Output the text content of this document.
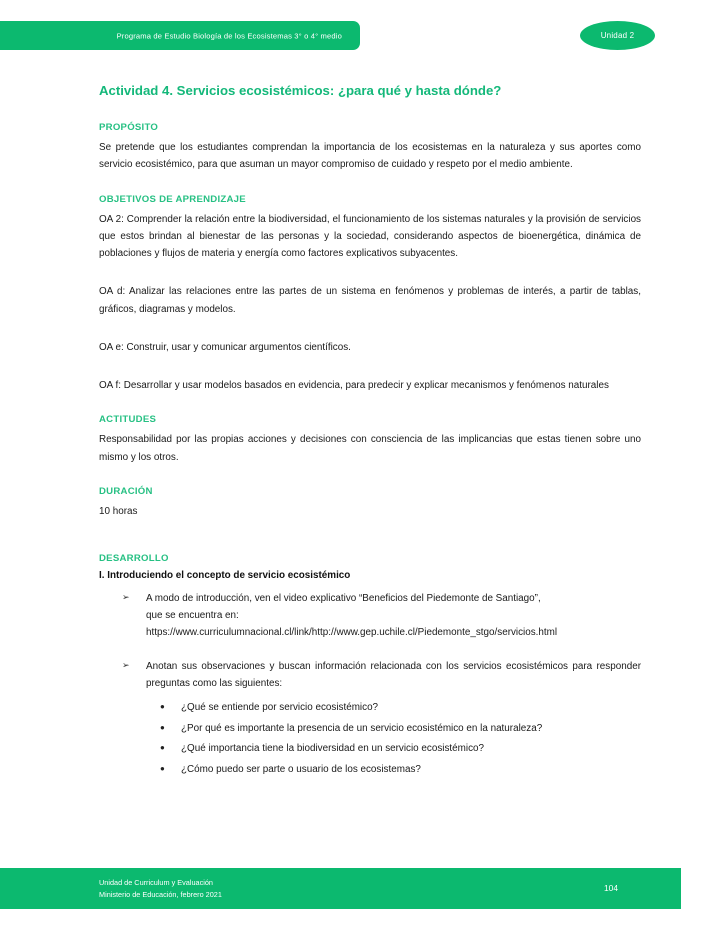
Programa de Estudio Biología de los Ecosistemas 3° o 4° medio	Unidad 2
Actividad 4. Servicios ecosistémicos: ¿para qué y hasta dónde?
PROPÓSITO

Se pretende que los estudiantes comprendan la importancia de los ecosistemas en la naturaleza y sus aportes como servicio ecosistémico, para que asuman un mayor compromiso de cuidado y respeto por el medio ambiente.

OBJETIVOS DE APRENDIZAJE

OA 2: Comprender la relación entre la biodiversidad, el funcionamiento de los sistemas naturales y la provisión de servicios que estos brindan al bienestar de las personas y la sociedad, considerando aspectos de bioenergética, dinámica de poblaciones y flujos de materia y energía como factores explicativos subyacentes.

OA d: Analizar las relaciones entre las partes de un sistema en fenómenos y problemas de interés, a partir de tablas, gráficos, diagramas y modelos.

OA e: Construir, usar y comunicar argumentos científicos.

OA f: Desarrollar y usar modelos basados en evidencia, para predecir y explicar mecanismos y fenómenos naturales

ACTITUDES

Responsabilidad por las propias acciones y decisiones con consciencia de las implicancias que estas tienen sobre uno mismo y los otros.

DURACIÓN

10 horas

DESARROLLO
I. Introduciendo el concepto de servicio ecosistémico
➢ A modo de introducción, ven el video explicativo “Beneficios del Piedemonte de Santiago”,
que se encuentra en:
https://www.curriculumnacional.cl/link/http://www.gep.uchile.cl/Piedemonte_stgo/servicios.html
➢ Anotan sus observaciones y buscan información relacionada con los servicios ecosistémicos para responder preguntas como las siguientes:
● ¿Qué se entiende por servicio ecosistémico?
● ¿Por qué es importante la presencia de un servicio ecosistémico en la naturaleza?
● ¿Qué importancia tiene la biodiversidad en un servicio ecosistémico?
● ¿Cómo puedo ser parte o usuario de los ecosistemas?
Unidad de Curriculum y Evaluación
Ministerio de Educación, febrero 2021
104
